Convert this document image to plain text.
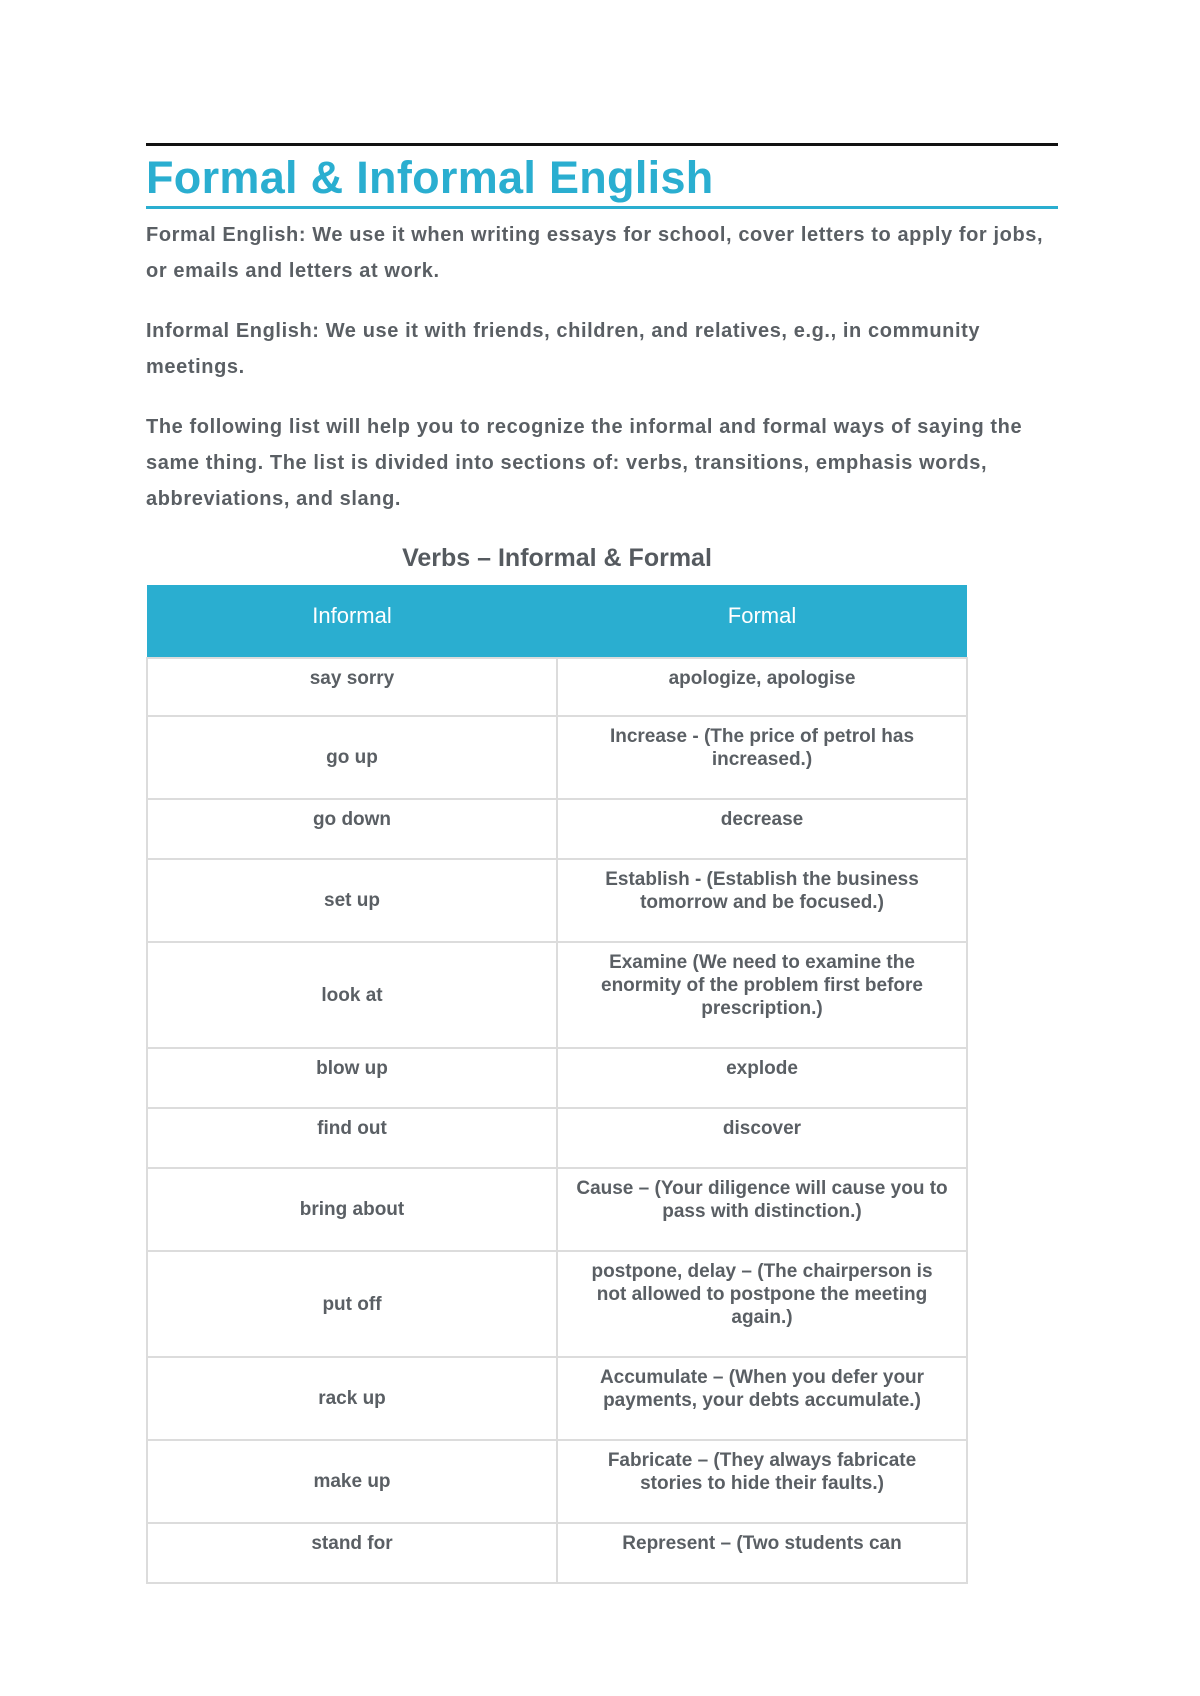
Formal & Informal English

Formal English: We use it when writing essays for school, cover letters to apply for jobs, or emails and letters at work.

Informal English: We use it with friends, children, and relatives, e.g., in community meetings.

The following list will help you to recognize the informal and formal ways of saying the same thing. The list is divided into sections of: verbs, transitions, emphasis words, abbreviations, and slang.

Verbs – Informal & Formal
Informal	Formal
say sorry	apologize, apologise
go up	Increase - (The price of petrol has increased.)
go down	decrease
set up	Establish - (Establish the business tomorrow and be focused.)
look at	Examine (We need to examine the enormity of the problem first before prescription.)
blow up	explode
find out	discover
bring about	Cause – (Your diligence will cause you to pass with distinction.)
put off	postpone, delay – (The chairperson is not allowed to postpone the meeting again.)
rack up	Accumulate – (When you defer your payments, your debts accumulate.)
make up	Fabricate – (They always fabricate stories to hide their faults.)
stand for	Represent – (Two students can
